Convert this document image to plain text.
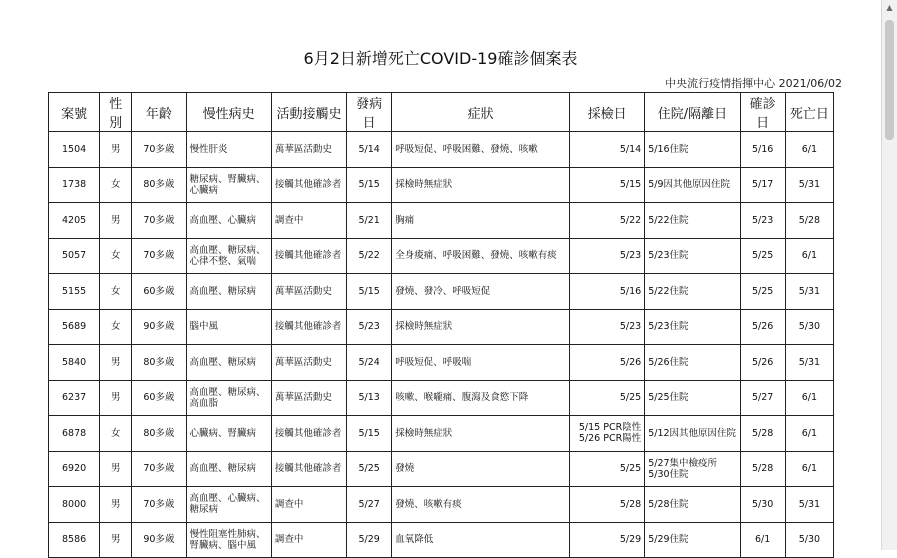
▲
6月2日新增死亡COVID-19確診個案表
中央流行疫情指揮中心 2021/06/02
案號	性別	年齡	慢性病史	活動接觸史	發病日	症狀	採檢日	住院/隔離日	確診日	死亡日
1504	男	70多歲	慢性肝炎	萬華區活動史	5/14	呼吸短促、呼吸困難、發燒、咳嗽	5/14	5/16住院	5/16	6/1
1738	女	80多歲	糖尿病、腎臟病、
心臟病	接觸其他確診者	5/15	採檢時無症狀	5/15	5/9因其他原因住院	5/17	5/31
4205	男	70多歲	高血壓、心臟病	調查中	5/21	胸痛	5/22	5/22住院	5/23	5/28
5057	女	70多歲	高血壓、糖尿病、
心律不整、氣喘	接觸其他確診者	5/22	全身痠痛、呼吸困難、發燒、咳嗽有痰	5/23	5/23住院	5/25	6/1
5155	女	60多歲	高血壓、糖尿病	萬華區活動史	5/15	發燒、發冷、呼吸短促	5/16	5/22住院	5/25	5/31
5689	女	90多歲	腦中風	接觸其他確診者	5/23	採檢時無症狀	5/23	5/23住院	5/26	5/30
5840	男	80多歲	高血壓、糖尿病	萬華區活動史	5/24	呼吸短促、呼吸喘	5/26	5/26住院	5/26	5/31
6237	男	60多歲	高血壓、糖尿病、
高血脂	萬華區活動史	5/13	咳嗽、喉嚨痛、腹瀉及食慾下降	5/25	5/25住院	5/27	6/1
6878	女	80多歲	心臟病、腎臟病	接觸其他確診者	5/15	採檢時無症狀	5/15 PCR陰性
5/26 PCR陽性	5/12因其他原因住院	5/28	6/1
6920	男	70多歲	高血壓、糖尿病	接觸其他確診者	5/25	發燒	5/25	5/27集中檢疫所
5/30住院	5/28	6/1
8000	男	70多歲	高血壓、心臟病、
糖尿病	調查中	5/27	發燒、咳嗽有痰	5/28	5/28住院	5/30	5/31
8586	男	90多歲	慢性阻塞性肺病、
腎臟病、腦中風	調查中	5/29	血氧降低	5/29	5/29住院	6/1	5/30
